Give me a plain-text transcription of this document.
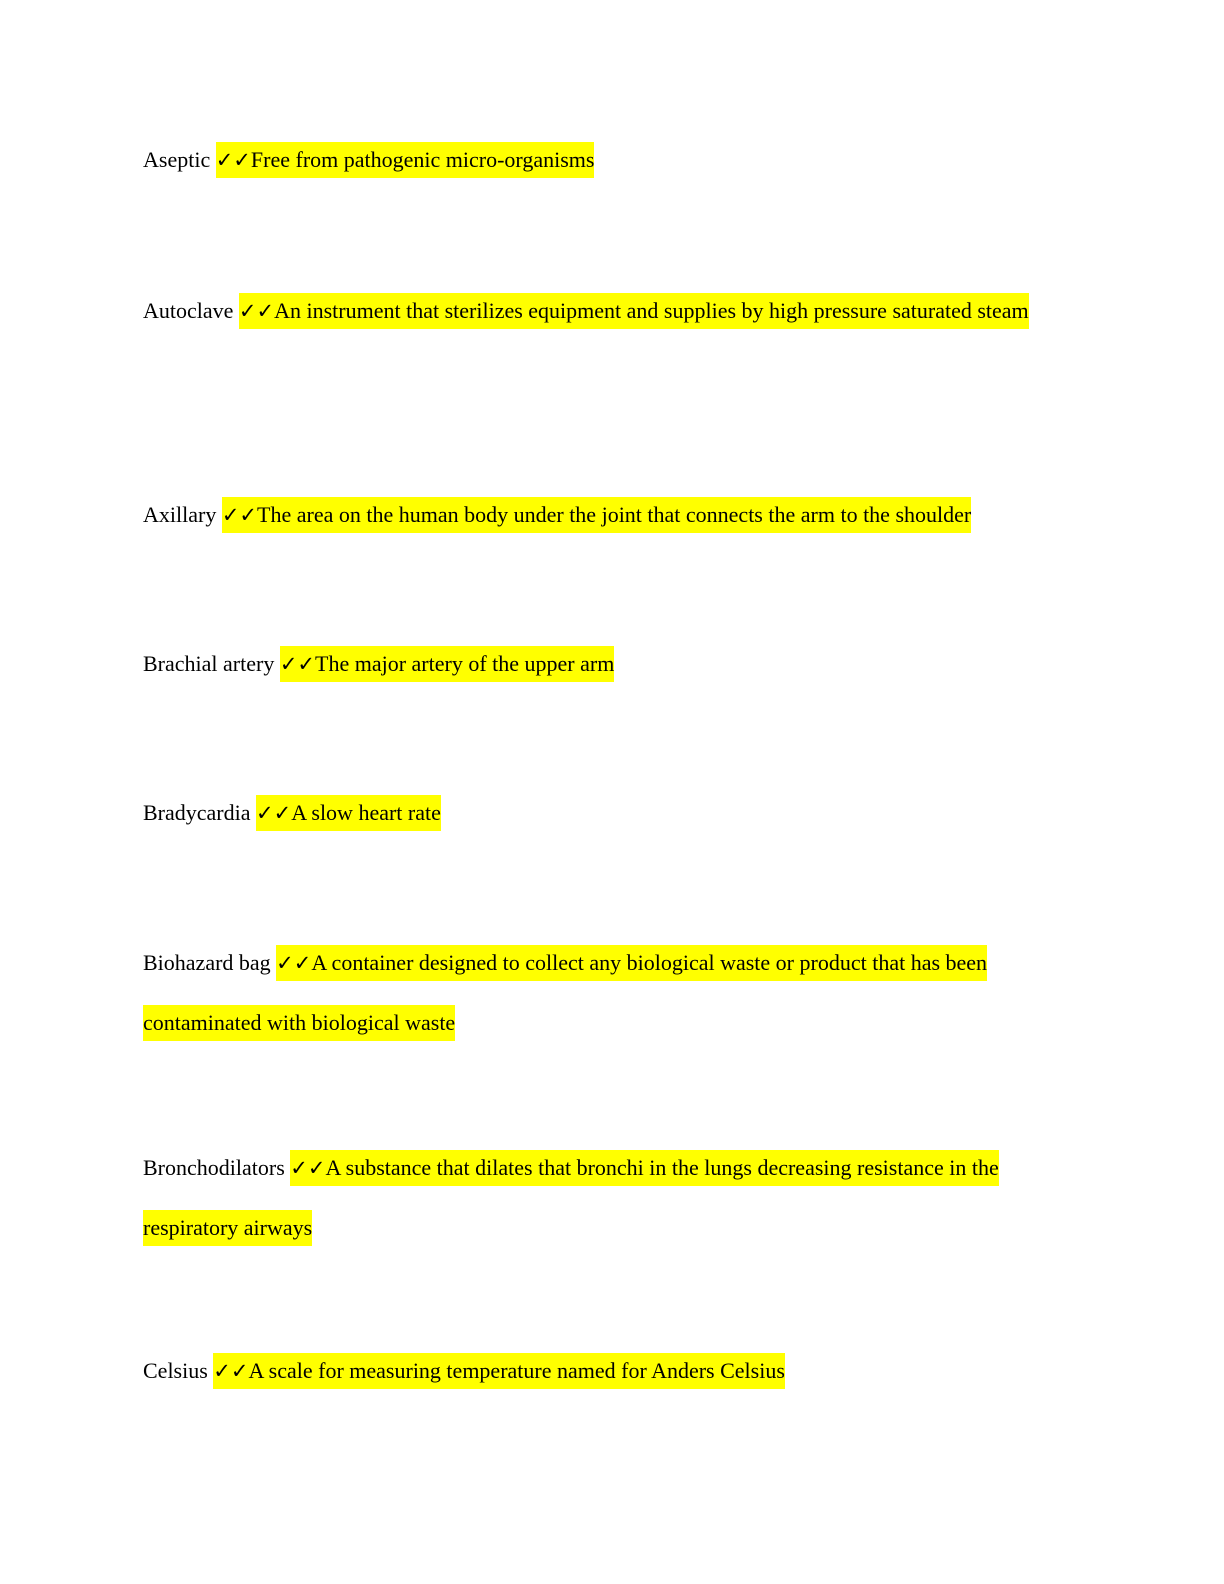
Aseptic ✓✓Free from pathogenic micro-organisms

Autoclave ✓✓An instrument that sterilizes equipment and supplies by high pressure saturated steam

Axillary ✓✓The area on the human body under the joint that connects the arm to the shoulder

Brachial artery ✓✓The major artery of the upper arm

Bradycardia ✓✓A slow heart rate

Biohazard bag ✓✓A container designed to collect any biological waste or product that has been contaminated with biological waste

Bronchodilators ✓✓A substance that dilates that bronchi in the lungs decreasing resistance in the respiratory airways

Celsius ✓✓A scale for measuring temperature named for Anders Celsius
